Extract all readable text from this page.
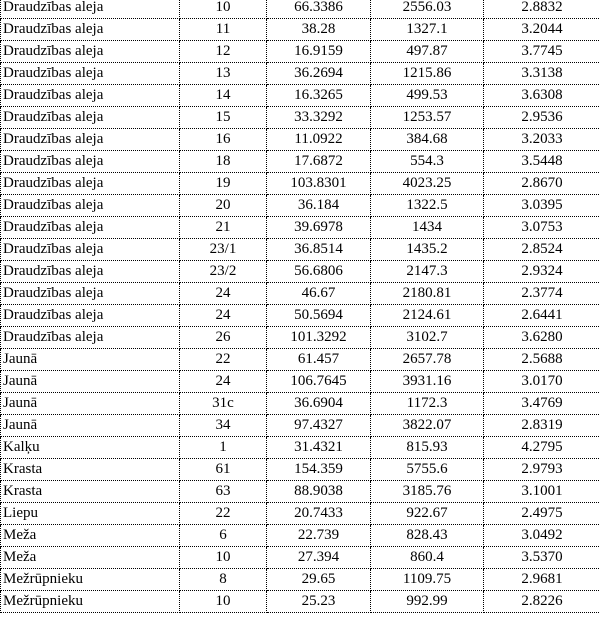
Draudzības aleja	10	66.3386	2556.03	2.8832
Draudzības aleja	11	38.28	1327.1	3.2044
Draudzības aleja	12	16.9159	497.87	3.7745
Draudzības aleja	13	36.2694	1215.86	3.3138
Draudzības aleja	14	16.3265	499.53	3.6308
Draudzības aleja	15	33.3292	1253.57	2.9536
Draudzības aleja	16	11.0922	384.68	3.2033
Draudzības aleja	18	17.6872	554.3	3.5448
Draudzības aleja	19	103.8301	4023.25	2.8670
Draudzības aleja	20	36.184	1322.5	3.0395
Draudzības aleja	21	39.6978	1434	3.0753
Draudzības aleja	23/1	36.8514	1435.2	2.8524
Draudzības aleja	23/2	56.6806	2147.3	2.9324
Draudzības aleja	24	46.67	2180.81	2.3774
Draudzības aleja	24	50.5694	2124.61	2.6441
Draudzības aleja	26	101.3292	3102.7	3.6280
Jaunā	22	61.457	2657.78	2.5688
Jaunā	24	106.7645	3931.16	3.0170
Jaunā	31c	36.6904	1172.3	3.4769
Jaunā	34	97.4327	3822.07	2.8319
Kalķu	1	31.4321	815.93	4.2795
Krasta	61	154.359	5755.6	2.9793
Krasta	63	88.9038	3185.76	3.1001
Liepu	22	20.7433	922.67	2.4975
Meža	6	22.739	828.43	3.0492
Meža	10	27.394	860.4	3.5370
Mežrūpnieku	8	29.65	1109.75	2.9681
Mežrūpnieku	10	25.23	992.99	2.8226
